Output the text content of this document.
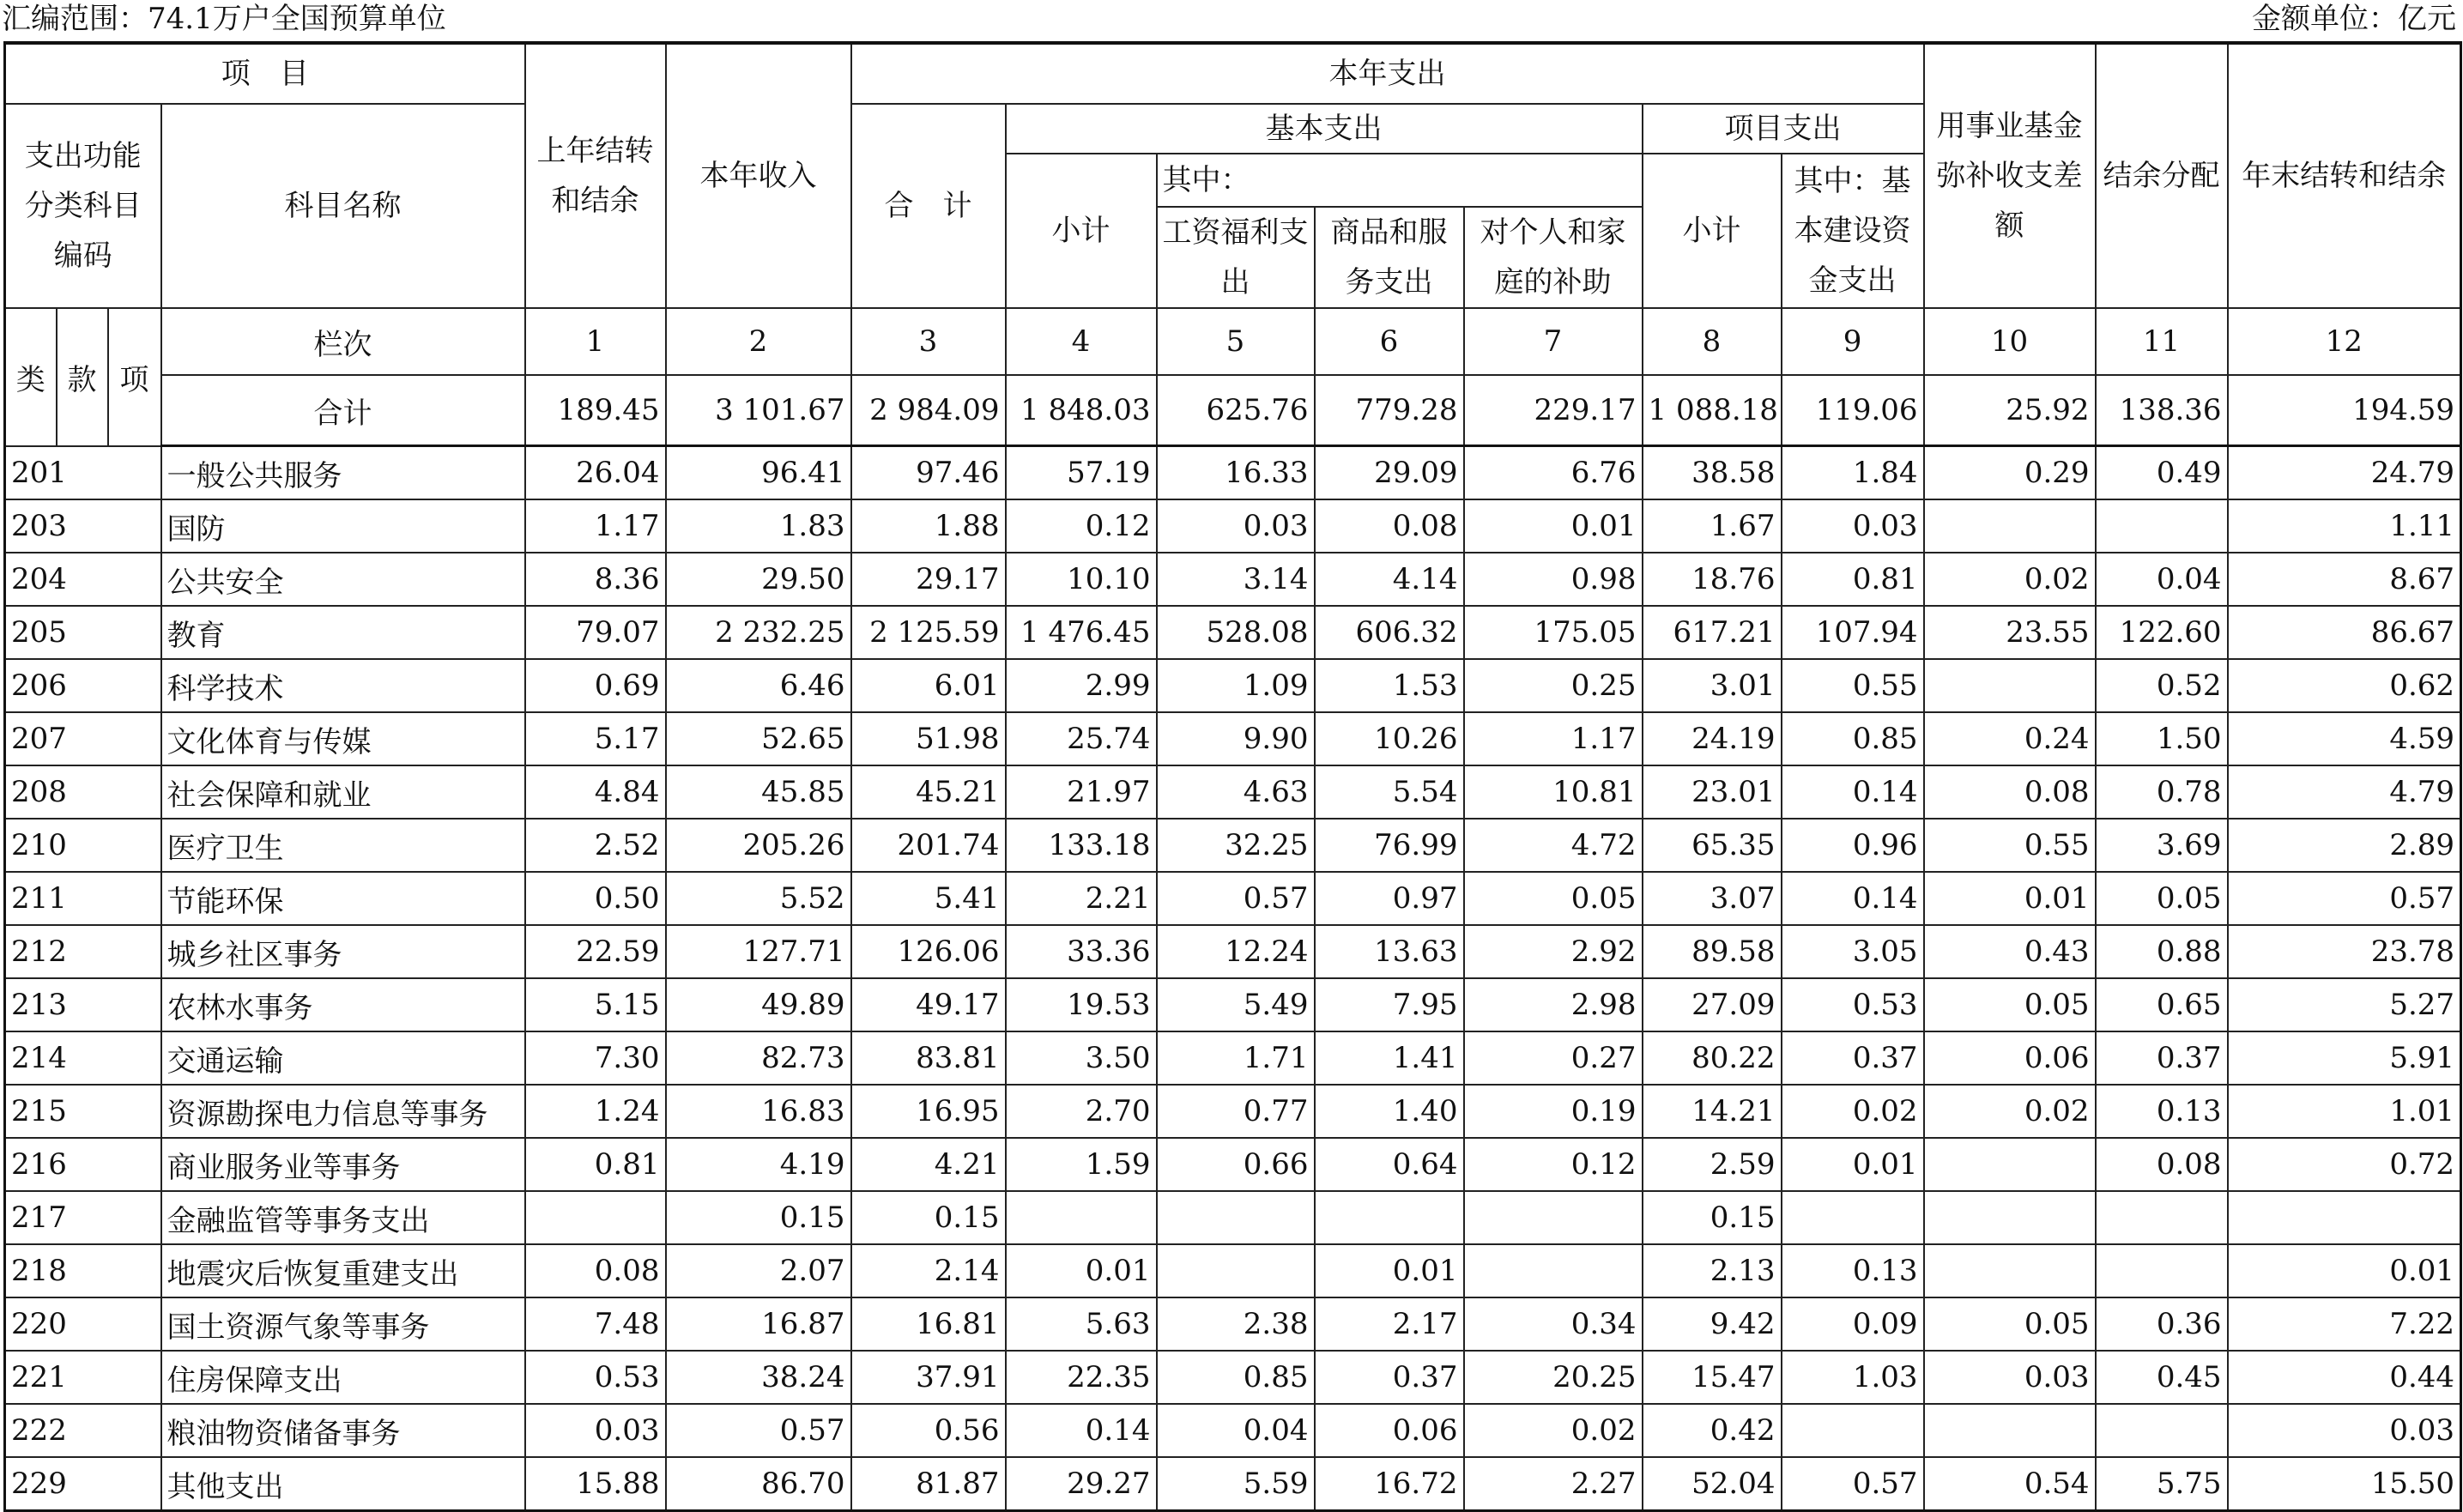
汇编范围：74.1万户全国预算单位	金额单位：亿元
项　目				上年结转和结余	本年收入	本年支出							用事业基金弥补收支差额	结余分配	年末结转和结余
支出功能分类科目编码			科目名称			合　计	基本支出				项目支出				
							小计	其中：			小计	其中：基本建设资金支出			
								工资福利支出	商品和服务支出	对个人和家庭的补助					
类	款	项	栏次	1	2	3	4	5	6	7	8	9	10	11	12
			合计	189.45	3 101.67	2 984.09	1 848.03	625.76	779.28	229.17	1 088.18	119.06	25.92	138.36	194.59
201			一般公共服务	26.04	96.41	97.46	57.19	16.33	29.09	6.76	38.58	1.84	0.29	0.49	24.79
203			国防	1.17	1.83	1.88	0.12	0.03	0.08	0.01	1.67	0.03			1.11
204			公共安全	8.36	29.50	29.17	10.10	3.14	4.14	0.98	18.76	0.81	0.02	0.04	8.67
205			教育	79.07	2 232.25	2 125.59	1 476.45	528.08	606.32	175.05	617.21	107.94	23.55	122.60	86.67
206			科学技术	0.69	6.46	6.01	2.99	1.09	1.53	0.25	3.01	0.55		0.52	0.62
207			文化体育与传媒	5.17	52.65	51.98	25.74	9.90	10.26	1.17	24.19	0.85	0.24	1.50	4.59
208			社会保障和就业	4.84	45.85	45.21	21.97	4.63	5.54	10.81	23.01	0.14	0.08	0.78	4.79
210			医疗卫生	2.52	205.26	201.74	133.18	32.25	76.99	4.72	65.35	0.96	0.55	3.69	2.89
211			节能环保	0.50	5.52	5.41	2.21	0.57	0.97	0.05	3.07	0.14	0.01	0.05	0.57
212			城乡社区事务	22.59	127.71	126.06	33.36	12.24	13.63	2.92	89.58	3.05	0.43	0.88	23.78
213			农林水事务	5.15	49.89	49.17	19.53	5.49	7.95	2.98	27.09	0.53	0.05	0.65	5.27
214			交通运输	7.30	82.73	83.81	3.50	1.71	1.41	0.27	80.22	0.37	0.06	0.37	5.91
215			资源勘探电力信息等事务	1.24	16.83	16.95	2.70	0.77	1.40	0.19	14.21	0.02	0.02	0.13	1.01
216			商业服务业等事务	0.81	4.19	4.21	1.59	0.66	0.64	0.12	2.59	0.01		0.08	0.72
217			金融监管等事务支出		0.15	0.15					0.15				
218			地震灾后恢复重建支出	0.08	2.07	2.14	0.01		0.01		2.13	0.13			0.01
220			国土资源气象等事务	7.48	16.87	16.81	5.63	2.38	2.17	0.34	9.42	0.09	0.05	0.36	7.22
221			住房保障支出	0.53	38.24	37.91	22.35	0.85	0.37	20.25	15.47	1.03	0.03	0.45	0.44
222			粮油物资储备事务	0.03	0.57	0.56	0.14	0.04	0.06	0.02	0.42				0.03
229			其他支出	15.88	86.70	81.87	29.27	5.59	16.72	2.27	52.04	0.57	0.54	5.75	15.50
